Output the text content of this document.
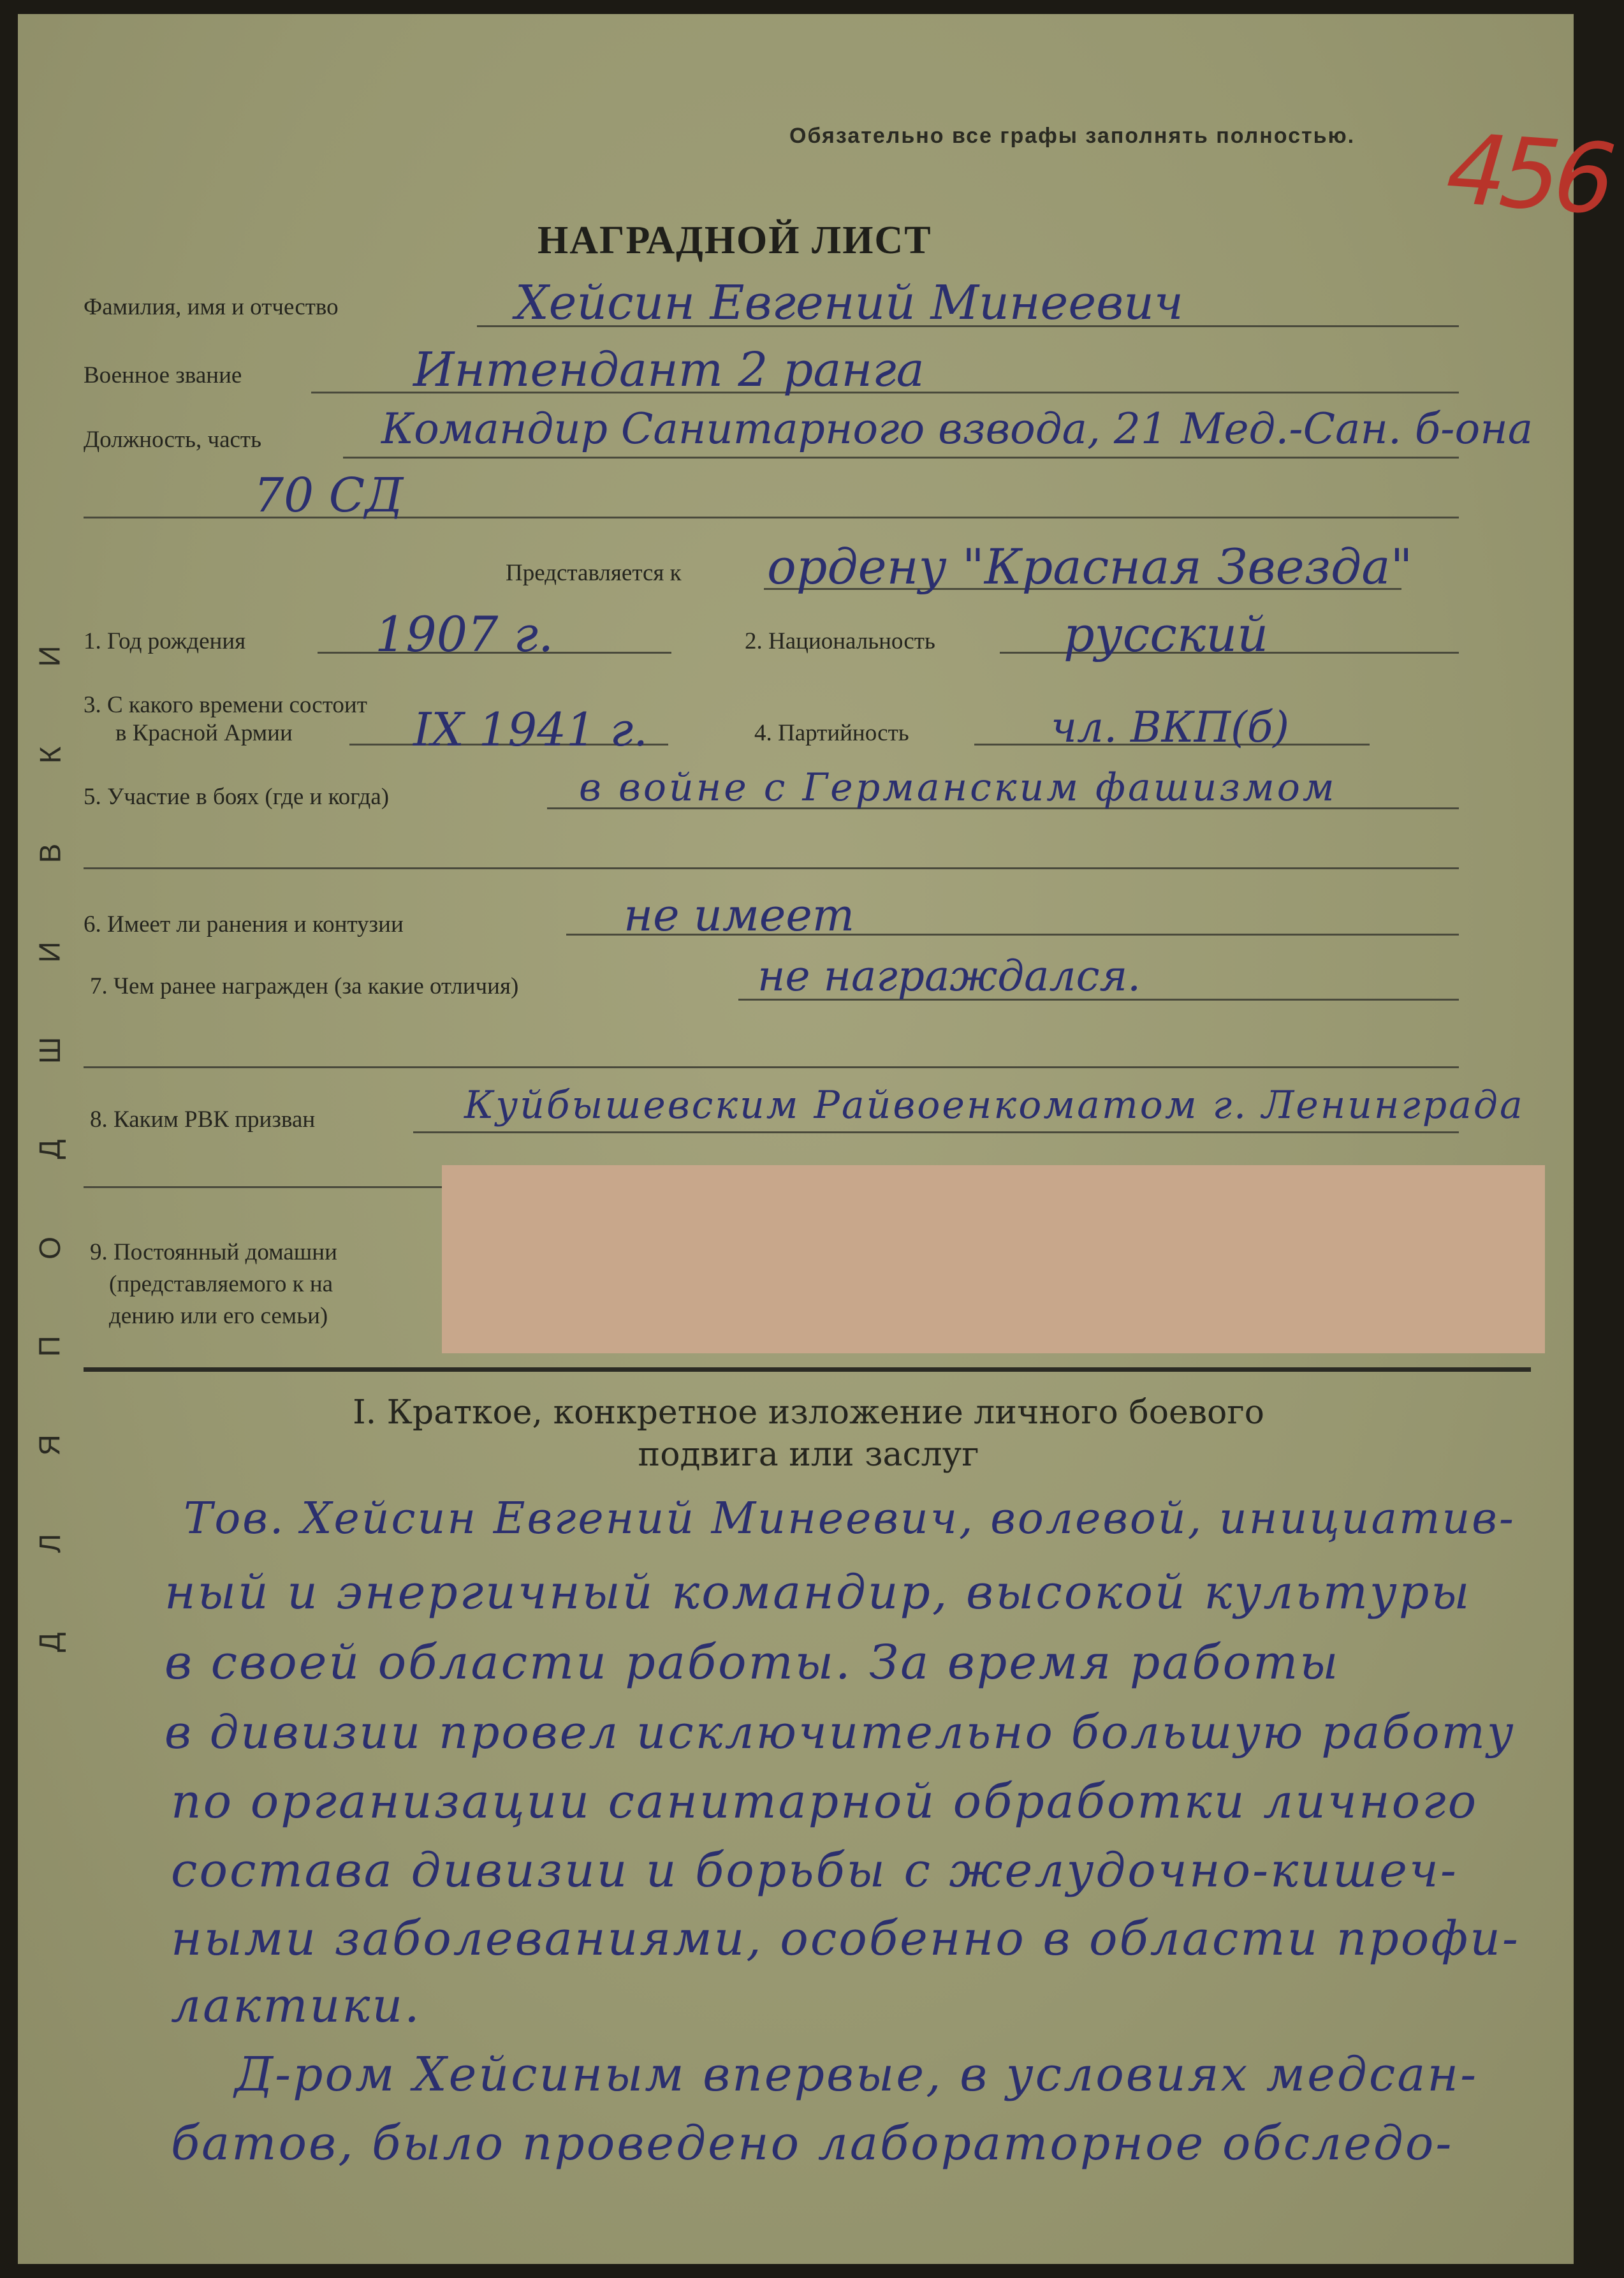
Обязательно все графы заполнять полностью. 456
НАГРАДНОЙ ЛИСТ
Д
Л
Я
П
О
Д
Ш
И
В
К
И
Фамилия, имя и отчество	Хейсин Евгений Минеевич
Военное звание	Интендант 2 ранга
Должность, часть	Командир Санитарного взвода, 21 Мед.-Сан. б-она
70 СД
Представляется к ордену "Красная Звезда"
1. Год рождения	1907 г.	2. Национальность	русский
3. С какого времени состоит
в Красной Армии	IX 1941 г.	4. Партийность	чл. ВКП(б)
5. Участие в боях (где и когда)	в войне с Германским фашизмом
6. Имеет ли ранения и контузии	не имеет
7. Чем ранее награжден (за какие отличия)	не награждался.
8. Каким РВК призван	Куйбышевским Райвоенкоматом г. Ленинграда
9. Постоянный домашни
(представляемого к на
дению или его семьи)
I. Краткое, конкретное изложение личного боевого
подвига или заслуг
Тов. Хейсин Евгений Минеевич, волевой, инициатив-
ный и энергичный командир, высокой культуры
в своей области работы. За время работы
в дивизии провел исключительно большую работу
по организации санитарной обработки личного
состава дивизии и борьбы с желудочно-кишеч-
ными заболеваниями, особенно в области профи-
лактики.
Д-ром Хейсиным впервые, в условиях медсан-
батов, было проведено лабораторное обследо-
